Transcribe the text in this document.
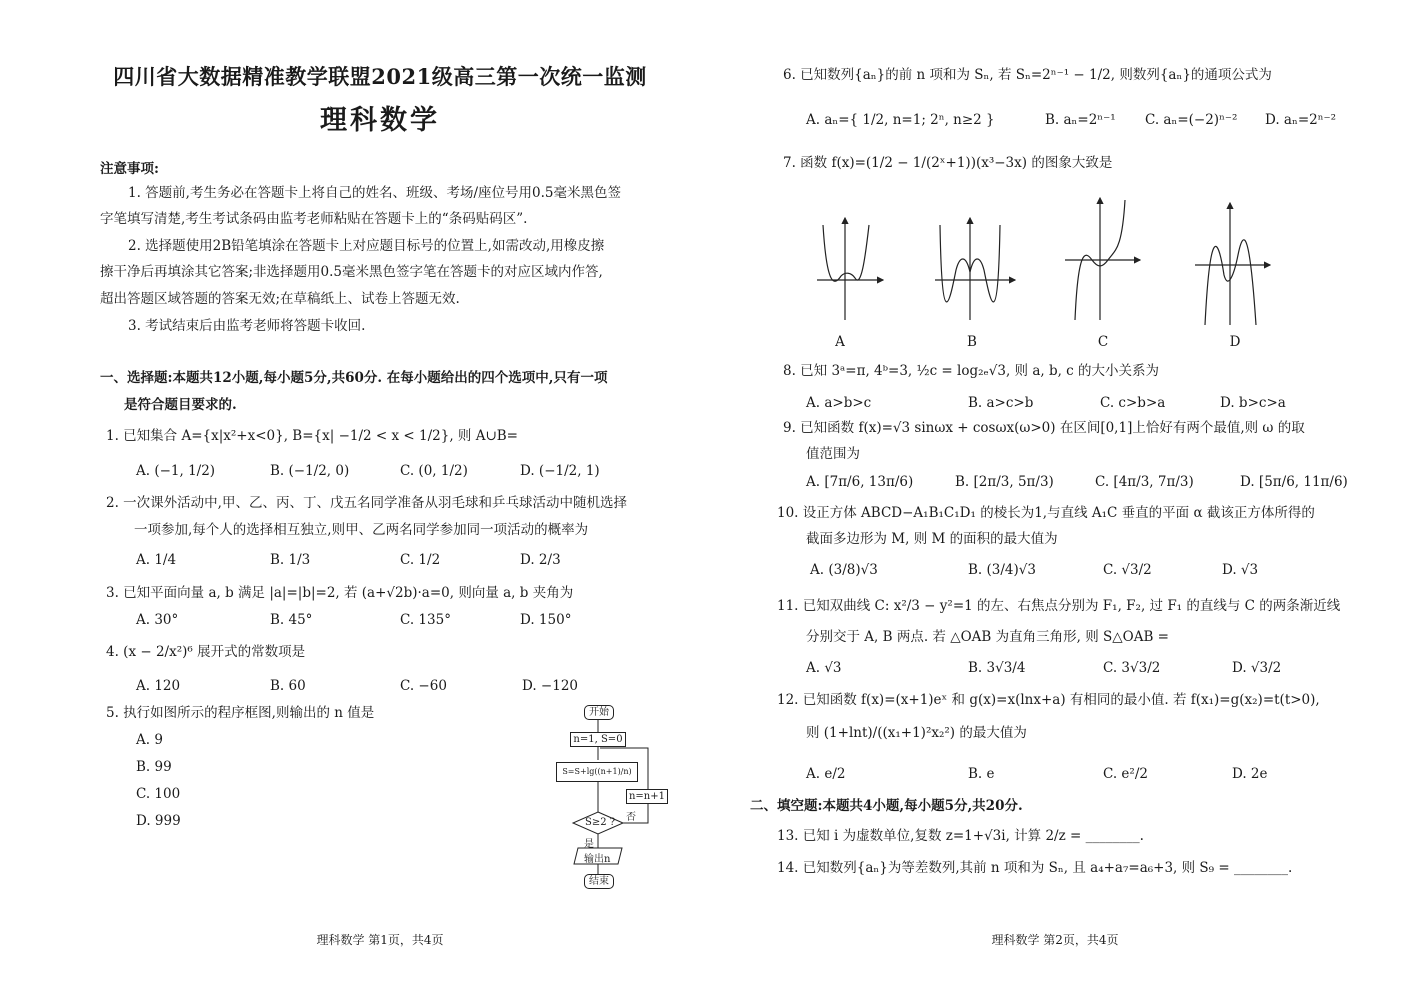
四川省大数据精准教学联盟2021级高三第一次统一监测
理科数学
注意事项:
1. 答题前,考生务必在答题卡上将自己的姓名、班级、考场/座位号用0.5毫米黑色签
字笔填写清楚,考生考试条码由监考老师粘贴在答题卡上的“条码贴码区”.
2. 选择题使用2B铅笔填涂在答题卡上对应题目标号的位置上,如需改动,用橡皮擦
擦干净后再填涂其它答案;非选择题用0.5毫米黑色签字笔在答题卡的对应区域内作答,
超出答题区域答题的答案无效;在草稿纸上、试卷上答题无效.
3. 考试结束后由监考老师将答题卡收回.
一、选择题:本题共12小题,每小题5分,共60分. 在每小题给出的四个选项中,只有一项
是符合题目要求的.
1. 已知集合 A={x|x²+x<0}, B={x| −1/2 < x < 1/2}, 则 A∪B=
A. (−1, 1/2)	B. (−1/2, 0)	C. (0, 1/2)	D. (−1/2, 1)
2. 一次课外活动中,甲、乙、丙、丁、戊五名同学准备从羽毛球和乒乓球活动中随机选择
一项参加,每个人的选择相互独立,则甲、乙两名同学参加同一项活动的概率为
A. 1/4	B. 1/3	C. 1/2	D. 2/3
3. 已知平面向量 a, b 满足 |a|=|b|=2, 若 (a+√2b)·a=0, 则向量 a, b 夹角为
A. 30°	B. 45°	C. 135°	D. 150°
4. (x − 2/x²)⁶ 展开式的常数项是
A. 120	B. 60	C. −60	D. −120
5. 执行如图所示的程序框图,则输出的 n 值是
A. 9
B. 99
C. 100
D. 999
理科数学 第1页，共4页
6. 已知数列{aₙ}的前 n 项和为 Sₙ, 若 Sₙ=2ⁿ⁻¹ − 1/2, 则数列{aₙ}的通项公式为
A. aₙ={ 1/2, n=1; 2ⁿ, n≥2 }	B. aₙ=2ⁿ⁻¹ C. aₙ=(−2)ⁿ⁻² D. aₙ=2ⁿ⁻²
7. 函数 f(x)=(1/2 − 1/(2ˣ+1))(x³−3x) 的图象大致是
A	B	C	D
8. 已知 3ᵃ=π, 4ᵇ=3, ½c = log₂ₑ√3, 则 a, b, c 的大小关系为
A. a>b>c	B. a>c>b	C. c>b>a	D. b>c>a
9. 已知函数 f(x)=√3 sinωx + cosωx(ω>0) 在区间[0,1]上恰好有两个最值,则 ω 的取
值范围为
A. [7π/6, 13π/6)	B. [2π/3, 5π/3)	C. [4π/3, 7π/3)	D. [5π/6, 11π/6)
10. 设正方体 ABCD−A₁B₁C₁D₁ 的棱长为1,与直线 A₁C 垂直的平面 α 截该正方体所得的
截面多边形为 M, 则 M 的面积的最大值为
A. (3/8)√3	B. (3/4)√3	C. √3/2	D. √3
11. 已知双曲线 C: x²/3 − y²=1 的左、右焦点分别为 F₁, F₂, 过 F₁ 的直线与 C 的两条渐近线
分别交于 A, B 两点. 若 △OAB 为直角三角形, 则 S△OAB =
A. √3	B. 3√3/4	C. 3√3/2	D. √3/2
12. 已知函数 f(x)=(x+1)eˣ 和 g(x)=x(lnx+a) 有相同的最小值. 若 f(x₁)=g(x₂)=t(t>0),
则 (1+lnt)/((x₁+1)²x₂²) 的最大值为
A. e/2	B. e	C. e²/2	D. 2e
二、填空题:本题共4小题,每小题5分,共20分.
13. 已知 i 为虚数单位,复数 z=1+√3i, 计算 2/z = ________.
14. 已知数列{aₙ}为等差数列,其前 n 项和为 Sₙ, 且 a₄+a₇=a₆+3, 则 S₉ = ________.
理科数学 第2页，共4页
开始
n=1, S=0
S=S+lg((n+1)/n)
n=n+1
S≥2 ? 否
是
输出n
结束
